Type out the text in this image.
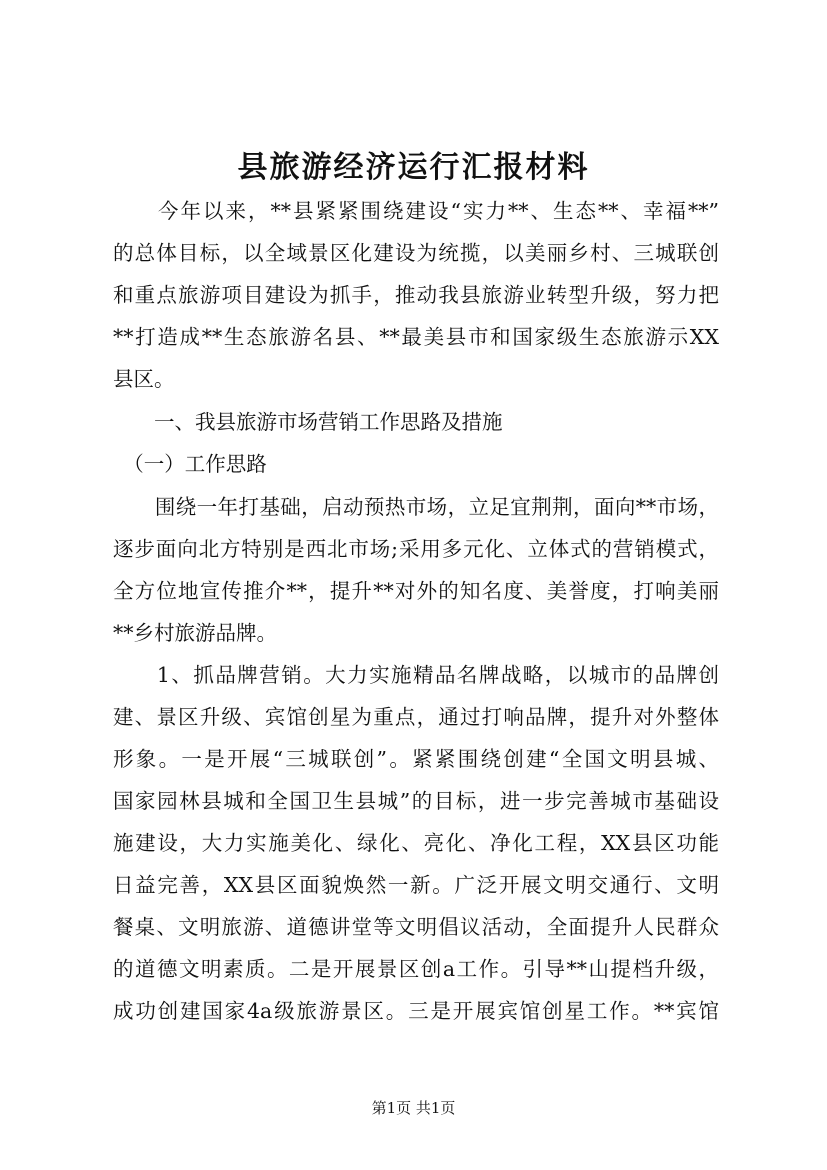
县旅游经济运行汇报材料
　　今年以来，**县紧紧围绕建设“实力**、生态**、幸福**”
的总体目标，以全域景区化建设为统揽，以美丽乡村、三城联创
和重点旅游项目建设为抓手，推动我县旅游业转型升级，努力把
**打造成**生态旅游名县、**最美县市和国家级生态旅游示XX
县区。
　　一、我县旅游市场营销工作思路及措施
　（一）工作思路
　　围绕一年打基础，启动预热市场，立足宜荆荆，面向**市场，
逐步面向北方特别是西北市场;采用多元化、立体式的营销模式，
全方位地宣传推介**，提升**对外的知名度、美誉度，打响美丽
**乡村旅游品牌。
　　1、抓品牌营销。大力实施精品名牌战略，以城市的品牌创
建、景区升级、宾馆创星为重点，通过打响品牌，提升对外整体
形象。一是开展“三城联创”。紧紧围绕创建“全国文明县城、
国家园林县城和全国卫生县城”的目标，进一步完善城市基础设
施建设，大力实施美化、绿化、亮化、净化工程，XX县区功能
日益完善，XX县区面貌焕然一新。广泛开展文明交通行、文明
餐桌、文明旅游、道德讲堂等文明倡议活动，全面提升人民群众
的道德文明素质。二是开展景区创a工作。引导**山提档升级，
成功创建国家4a级旅游景区。三是开展宾馆创星工作。**宾馆
第1页 共1页
